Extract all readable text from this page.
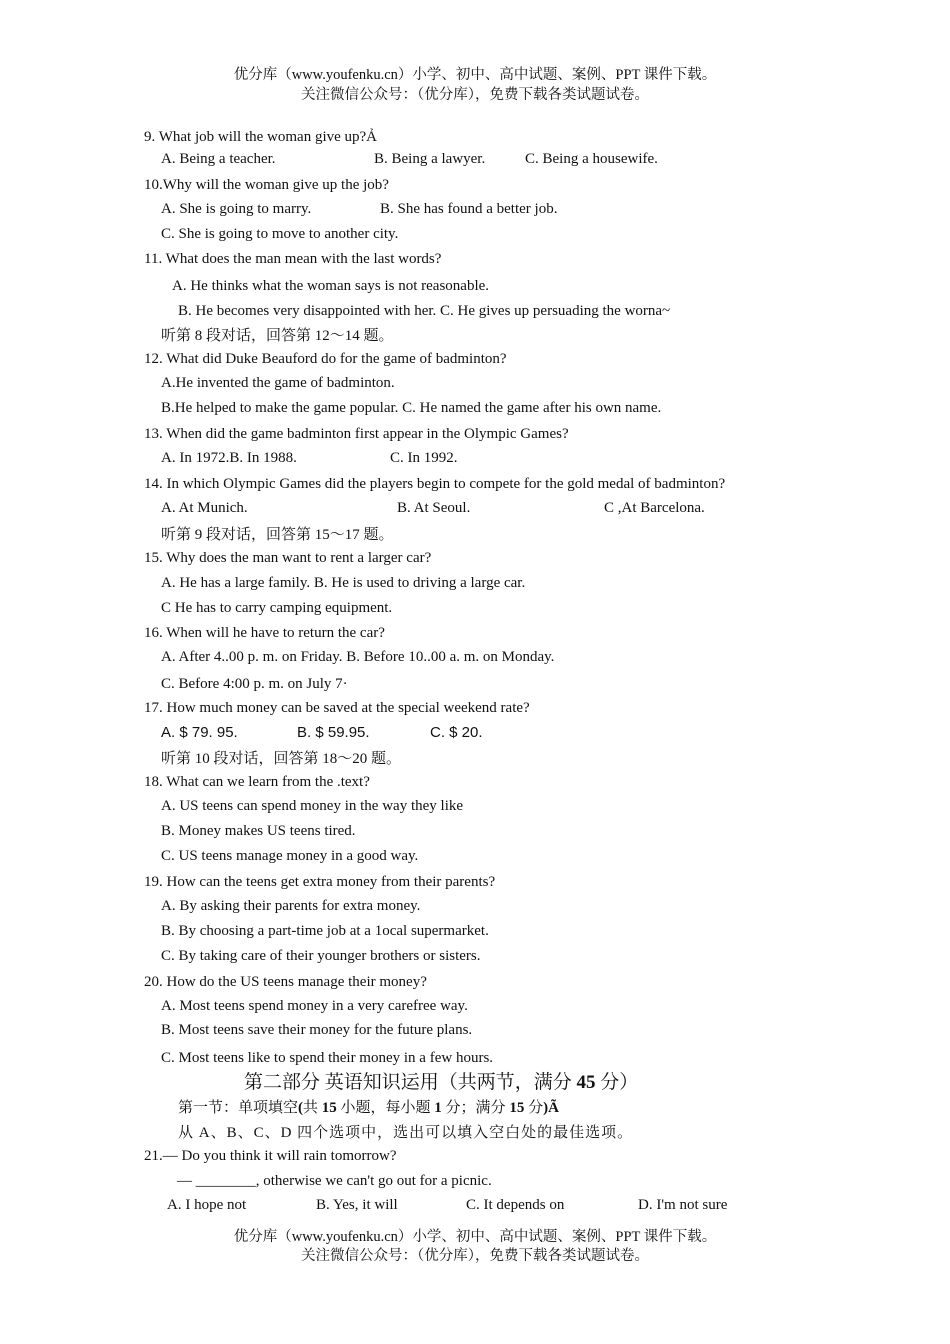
优分库（www.youfenku.cn）小学、初中、高中试题、案例、PPT 课件下载。
关注微信公众号：（优分库），免费下载各类试题试卷。
9. What job will the woman give up?Ả
A. Being a teacher.	B. Being a lawyer.	C. Being a housewife.
10.Why will the woman give up the job?
A. She is going to marry.	B. She has found a better job.
C. She is going to move to another city.
11. What does the man mean with the last words?
A. He thinks what the woman says is not reasonable.
B. He becomes very disappointed with her. C. He gives up persuading the worna~
听第 8 段对话，回答第 12～14 题。
12. What did Duke Beauford do for the game of badminton?
A.He invented the game of badminton.
B.He helped to make the game popular. C. He named the game after his own name.
13. When did the game badminton first appear in the Olympic Games?
A. In 1972.B. In 1988.	C. In 1992.
14. In which Olympic Games did the players begin to compete for the gold medal of badminton?
A. At Munich.	B. At Seoul.	C ,At Barcelona.
听第 9 段对话，回答第 15～17 题。
15. Why does the man want to rent a larger car?
A. He has a large family. B. He is used to driving a large car.
C He has to carry camping equipment.
16. When will he have to return the car?
A. After 4..00 p. m. on Friday. B. Before 10..00 a. m. on Monday.
C. Before 4:00 p. m. on July 7·
17. How much money can be saved at the special weekend rate?
A. $ 79. 95.	B. $ 59.95.	C. $ 20.
听第 10 段对话，回答第 18～20 题。
18. What can we learn from the .text?
A. US teens can spend money in the way they like
B. Money makes US teens tired.
C. US teens manage money in a good way.
19. How can the teens get extra money from their parents?
A. By asking their parents for extra money.
B. By choosing a part-time job at a 1ocal supermarket.
C. By taking care of their younger brothers or sisters.
20. How do the US teens manage their money?
A. Most teens spend money in a very carefree way.
B. Most teens save their money for the future plans.
C. Most teens like to spend their money in a few hours.
第二部分 英语知识运用（共两节，满分 45 分）
第一节：单项填空(共 15 小题，每小题 1 分；满分 15 分)Ã
从 A、B、C、D 四个选项中，选出可以填入空白处的最佳选项。
21.— Do you think it will rain tomorrow?
— ________, otherwise we can't go out for a picnic.
A. I hope not	B. Yes, it will	C. It depends on	D. I'm not sure
优分库（www.youfenku.cn）小学、初中、高中试题、案例、PPT 课件下载。
关注微信公众号：（优分库），免费下载各类试题试卷。
